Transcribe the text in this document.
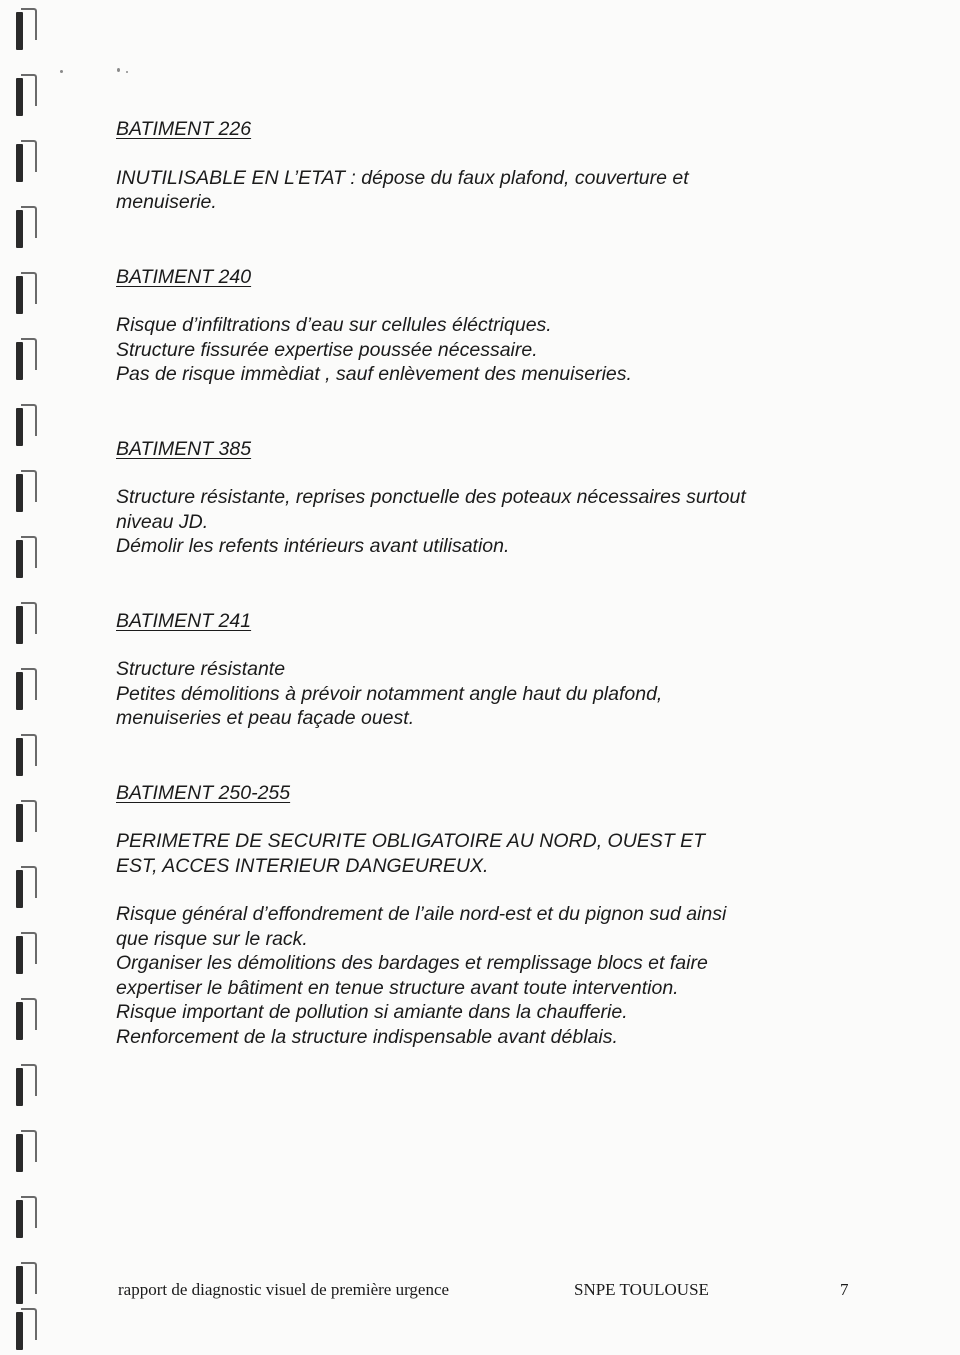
BATIMENT 226

INUTILISABLE EN L’ETAT : dépose du faux plafond, couverture et
menuiserie.

BATIMENT 240

Risque d’infiltrations d’eau sur cellules éléctriques.
Structure fissurée expertise poussée nécessaire.
Pas de risque immèdiat , sauf enlèvement des menuiseries.

BATIMENT 385

Structure résistante, reprises ponctuelle des poteaux nécessaires surtout
niveau JD.
Démolir les refents intérieurs avant utilisation.

BATIMENT 241

Structure résistante
Petites démolitions à prévoir notamment angle haut du plafond,
menuiseries et peau façade ouest.

BATIMENT 250-255

PERIMETRE DE SECURITE OBLIGATOIRE AU NORD, OUEST ET
EST, ACCES INTERIEUR DANGEUREUX.

Risque général d’effondrement de l’aile nord-est et du pignon sud ainsi
que risque sur le rack.
Organiser les démolitions des bardages et remplissage blocs et faire
expertiser le bâtiment en tenue structure avant toute intervention.
Risque important de pollution si amiante dans la chaufferie.
Renforcement de la structure indispensable avant déblais.

rapport de diagnostic visuel de première urgence	SNPE TOULOUSE	7
